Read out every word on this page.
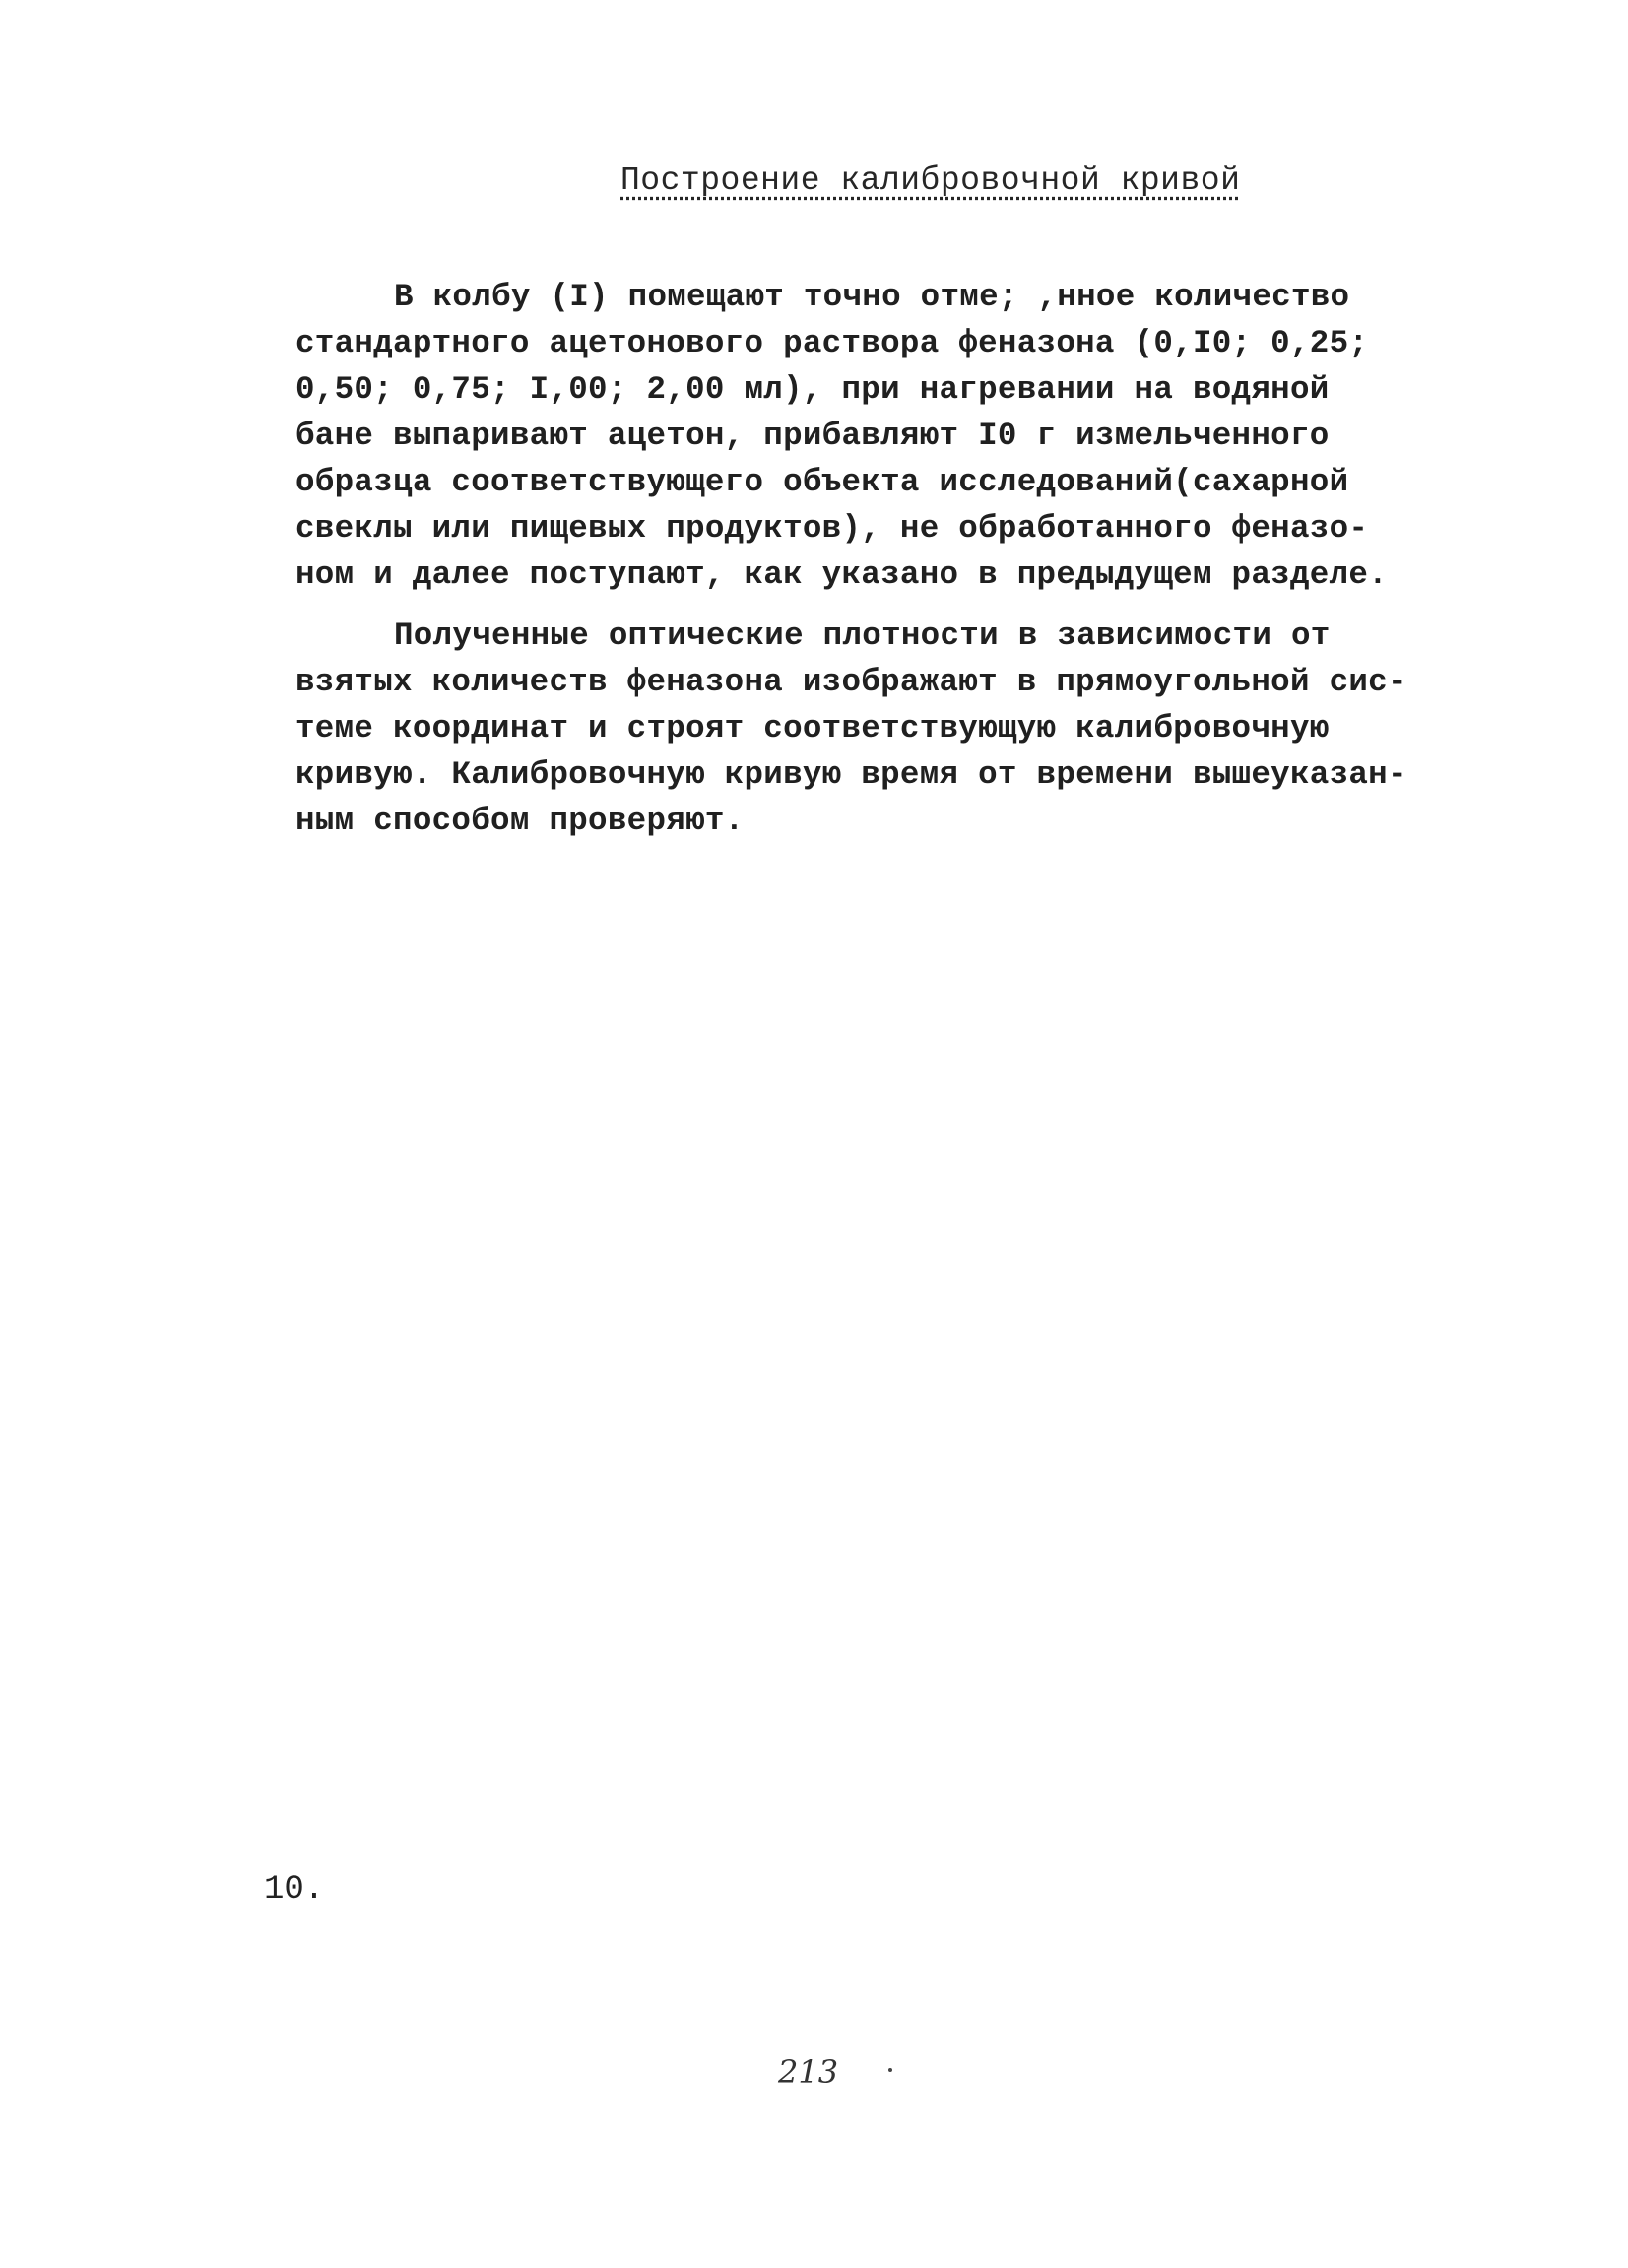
Построение калибровочной кривой
В колбу (I) помещают точно отме; ,нное количество
стандартного ацетонового раствора феназона (0,I0; 0,25;
0,50; 0,75; I,00; 2,00 мл), при нагревании на водяной
бане выпаривают ацетон, прибавляют I0 г измельченного
образца соответствующего объекта исследований(сахарной
свеклы или пищевых продуктов), не обработанного феназо-
ном и далее поступают, как указано в предыдущем разделе.
Полученные оптические плотности в зависимости от
взятых количеств феназона изображают в прямоугольной сис-
теме координат и строят соответствующую калибровочную
кривую. Калибровочную кривую время от времени вышеуказан-
ным способом проверяют.
10.
213
